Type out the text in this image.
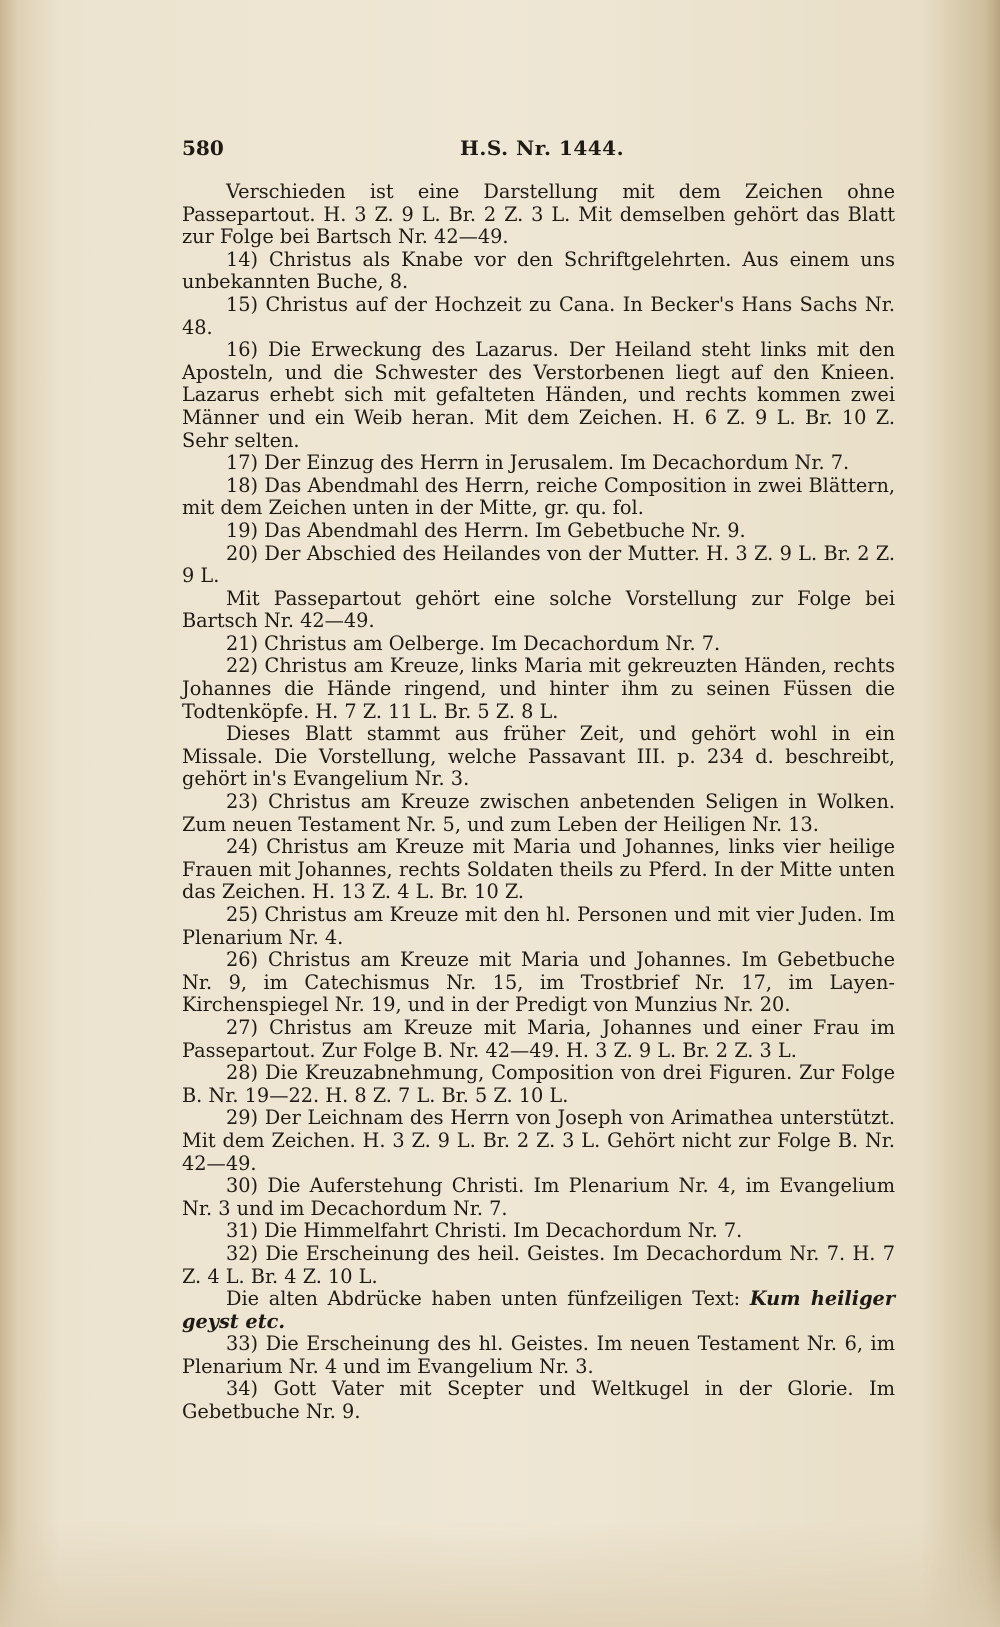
580	H.S. Nr. 1444.

Verschieden ist eine Darstellung mit dem Zeichen ohne Passepartout. H. 3 Z. 9 L. Br. 2 Z. 3 L. Mit demselben gehört das Blatt zur Folge bei Bartsch Nr. 42—49.

14) Christus als Knabe vor den Schriftgelehrten. Aus einem uns unbekannten Buche, 8.

15) Christus auf der Hochzeit zu Cana. In Becker's Hans Sachs Nr. 48.

16) Die Erweckung des Lazarus. Der Heiland steht links mit den Aposteln, und die Schwester des Verstorbenen liegt auf den Knieen. Lazarus erhebt sich mit gefalteten Händen, und rechts kommen zwei Männer und ein Weib heran. Mit dem Zeichen. H. 6 Z. 9 L. Br. 10 Z. Sehr selten.

17) Der Einzug des Herrn in Jerusalem. Im Decachordum Nr. 7.

18) Das Abendmahl des Herrn, reiche Composition in zwei Blättern, mit dem Zeichen unten in der Mitte, gr. qu. fol.

19) Das Abendmahl des Herrn. Im Gebetbuche Nr. 9.

20) Der Abschied des Heilandes von der Mutter. H. 3 Z. 9 L. Br. 2 Z. 9 L.

Mit Passepartout gehört eine solche Vorstellung zur Folge bei Bartsch Nr. 42—49.

21) Christus am Oelberge. Im Decachordum Nr. 7.

22) Christus am Kreuze, links Maria mit gekreuzten Händen, rechts Johannes die Hände ringend, und hinter ihm zu seinen Füssen die Todtenköpfe. H. 7 Z. 11 L. Br. 5 Z. 8 L.

Dieses Blatt stammt aus früher Zeit, und gehört wohl in ein Missale. Die Vorstellung, welche Passavant III. p. 234 d. beschreibt, gehört in's Evangelium Nr. 3.

23) Christus am Kreuze zwischen anbetenden Seligen in Wolken. Zum neuen Testament Nr. 5, und zum Leben der Heiligen Nr. 13.

24) Christus am Kreuze mit Maria und Johannes, links vier heilige Frauen mit Johannes, rechts Soldaten theils zu Pferd. In der Mitte unten das Zeichen. H. 13 Z. 4 L. Br. 10 Z.

25) Christus am Kreuze mit den hl. Personen und mit vier Juden. Im Plenarium Nr. 4.

26) Christus am Kreuze mit Maria und Johannes. Im Gebetbuche Nr. 9, im Catechismus Nr. 15, im Trostbrief Nr. 17, im Layen-Kirchenspiegel Nr. 19, und in der Predigt von Munzius Nr. 20.

27) Christus am Kreuze mit Maria, Johannes und einer Frau im Passepartout. Zur Folge B. Nr. 42—49. H. 3 Z. 9 L. Br. 2 Z. 3 L.

28) Die Kreuzabnehmung, Composition von drei Figuren. Zur Folge B. Nr. 19—22. H. 8 Z. 7 L. Br. 5 Z. 10 L.

29) Der Leichnam des Herrn von Joseph von Arimathea unterstützt. Mit dem Zeichen. H. 3 Z. 9 L. Br. 2 Z. 3 L. Gehört nicht zur Folge B. Nr. 42—49.

30) Die Auferstehung Christi. Im Plenarium Nr. 4, im Evangelium Nr. 3 und im Decachordum Nr. 7.

31) Die Himmelfahrt Christi. Im Decachordum Nr. 7.

32) Die Erscheinung des heil. Geistes. Im Decachordum Nr. 7. H. 7 Z. 4 L. Br. 4 Z. 10 L.

Die alten Abdrücke haben unten fünfzeiligen Text: Kum heiliger geyst etc.

33) Die Erscheinung des hl. Geistes. Im neuen Testament Nr. 6, im Plenarium Nr. 4 und im Evangelium Nr. 3.

34) Gott Vater mit Scepter und Weltkugel in der Glorie. Im Gebetbuche Nr. 9.
